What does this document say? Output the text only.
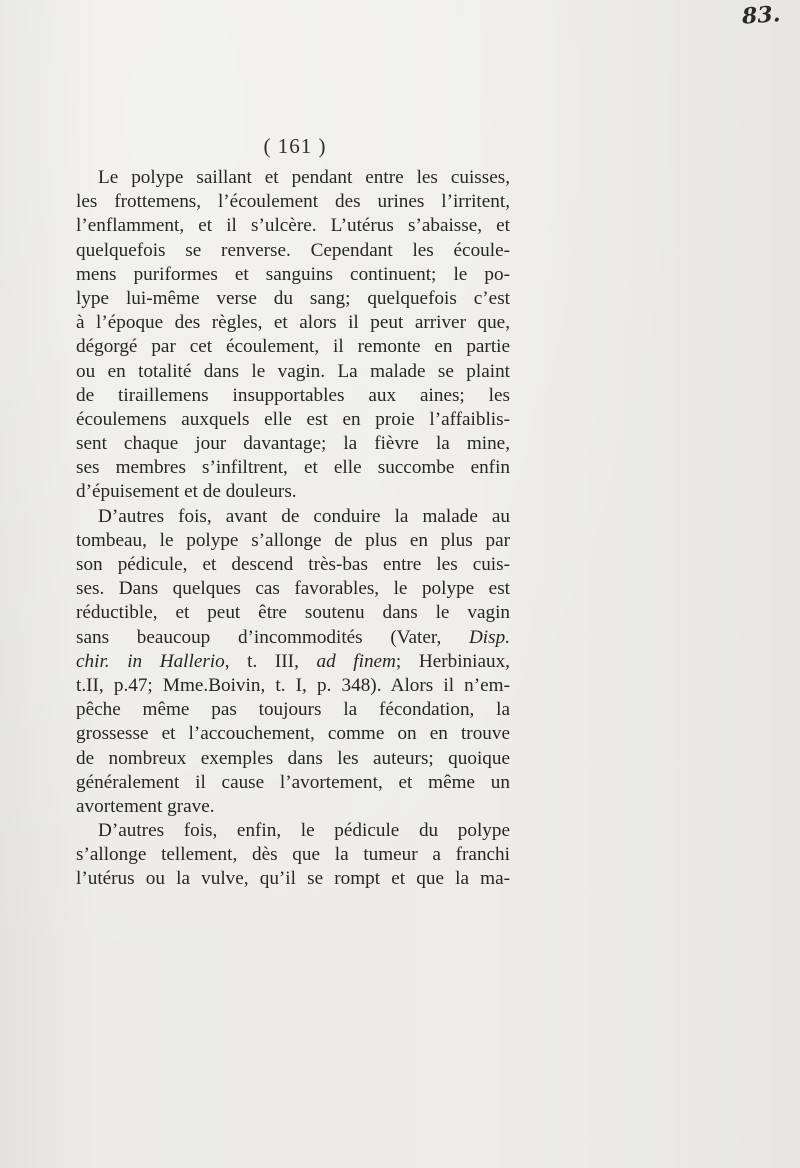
83.
( 161 )
Le polype saillant et pendant entre les cuisses,
les frottemens, l’écoulement des urines l’irritent,
l’enflamment, et il s’ulcère. L’utérus s’abaisse, et
quelquefois se renverse. Cependant les écoule-
mens puriformes et sanguins continuent; le po-
lype lui-même verse du sang; quelquefois c’est
à l’époque des règles, et alors il peut arriver que,
dégorgé par cet écoulement, il remonte en partie
ou en totalité dans le vagin. La malade se plaint
de tiraillemens insupportables aux aines; les
écoulemens auxquels elle est en proie l’affaiblis-
sent chaque jour davantage; la fièvre la mine,
ses membres s’infiltrent, et elle succombe enfin
d’épuisement et de douleurs.
D’autres fois, avant de conduire la malade au
tombeau, le polype s’allonge de plus en plus par
son pédicule, et descend très-bas entre les cuis-
ses. Dans quelques cas favorables, le polype est
réductible, et peut être soutenu dans le vagin
sans beaucoup d’incommodités (Vater, Disp.
chir. in Hallerio, t. III, ad finem; Herbiniaux,
t.II, p.47; Mme.Boivin, t. I, p. 348). Alors il n’em-
pêche même pas toujours la fécondation, la
grossesse et l’accouchement, comme on en trouve
de nombreux exemples dans les auteurs; quoique
généralement il cause l’avortement, et même un
avortement grave.
D’autres fois, enfin, le pédicule du polype
s’allonge tellement, dès que la tumeur a franchi
l’utérus ou la vulve, qu’il se rompt et que la ma-
